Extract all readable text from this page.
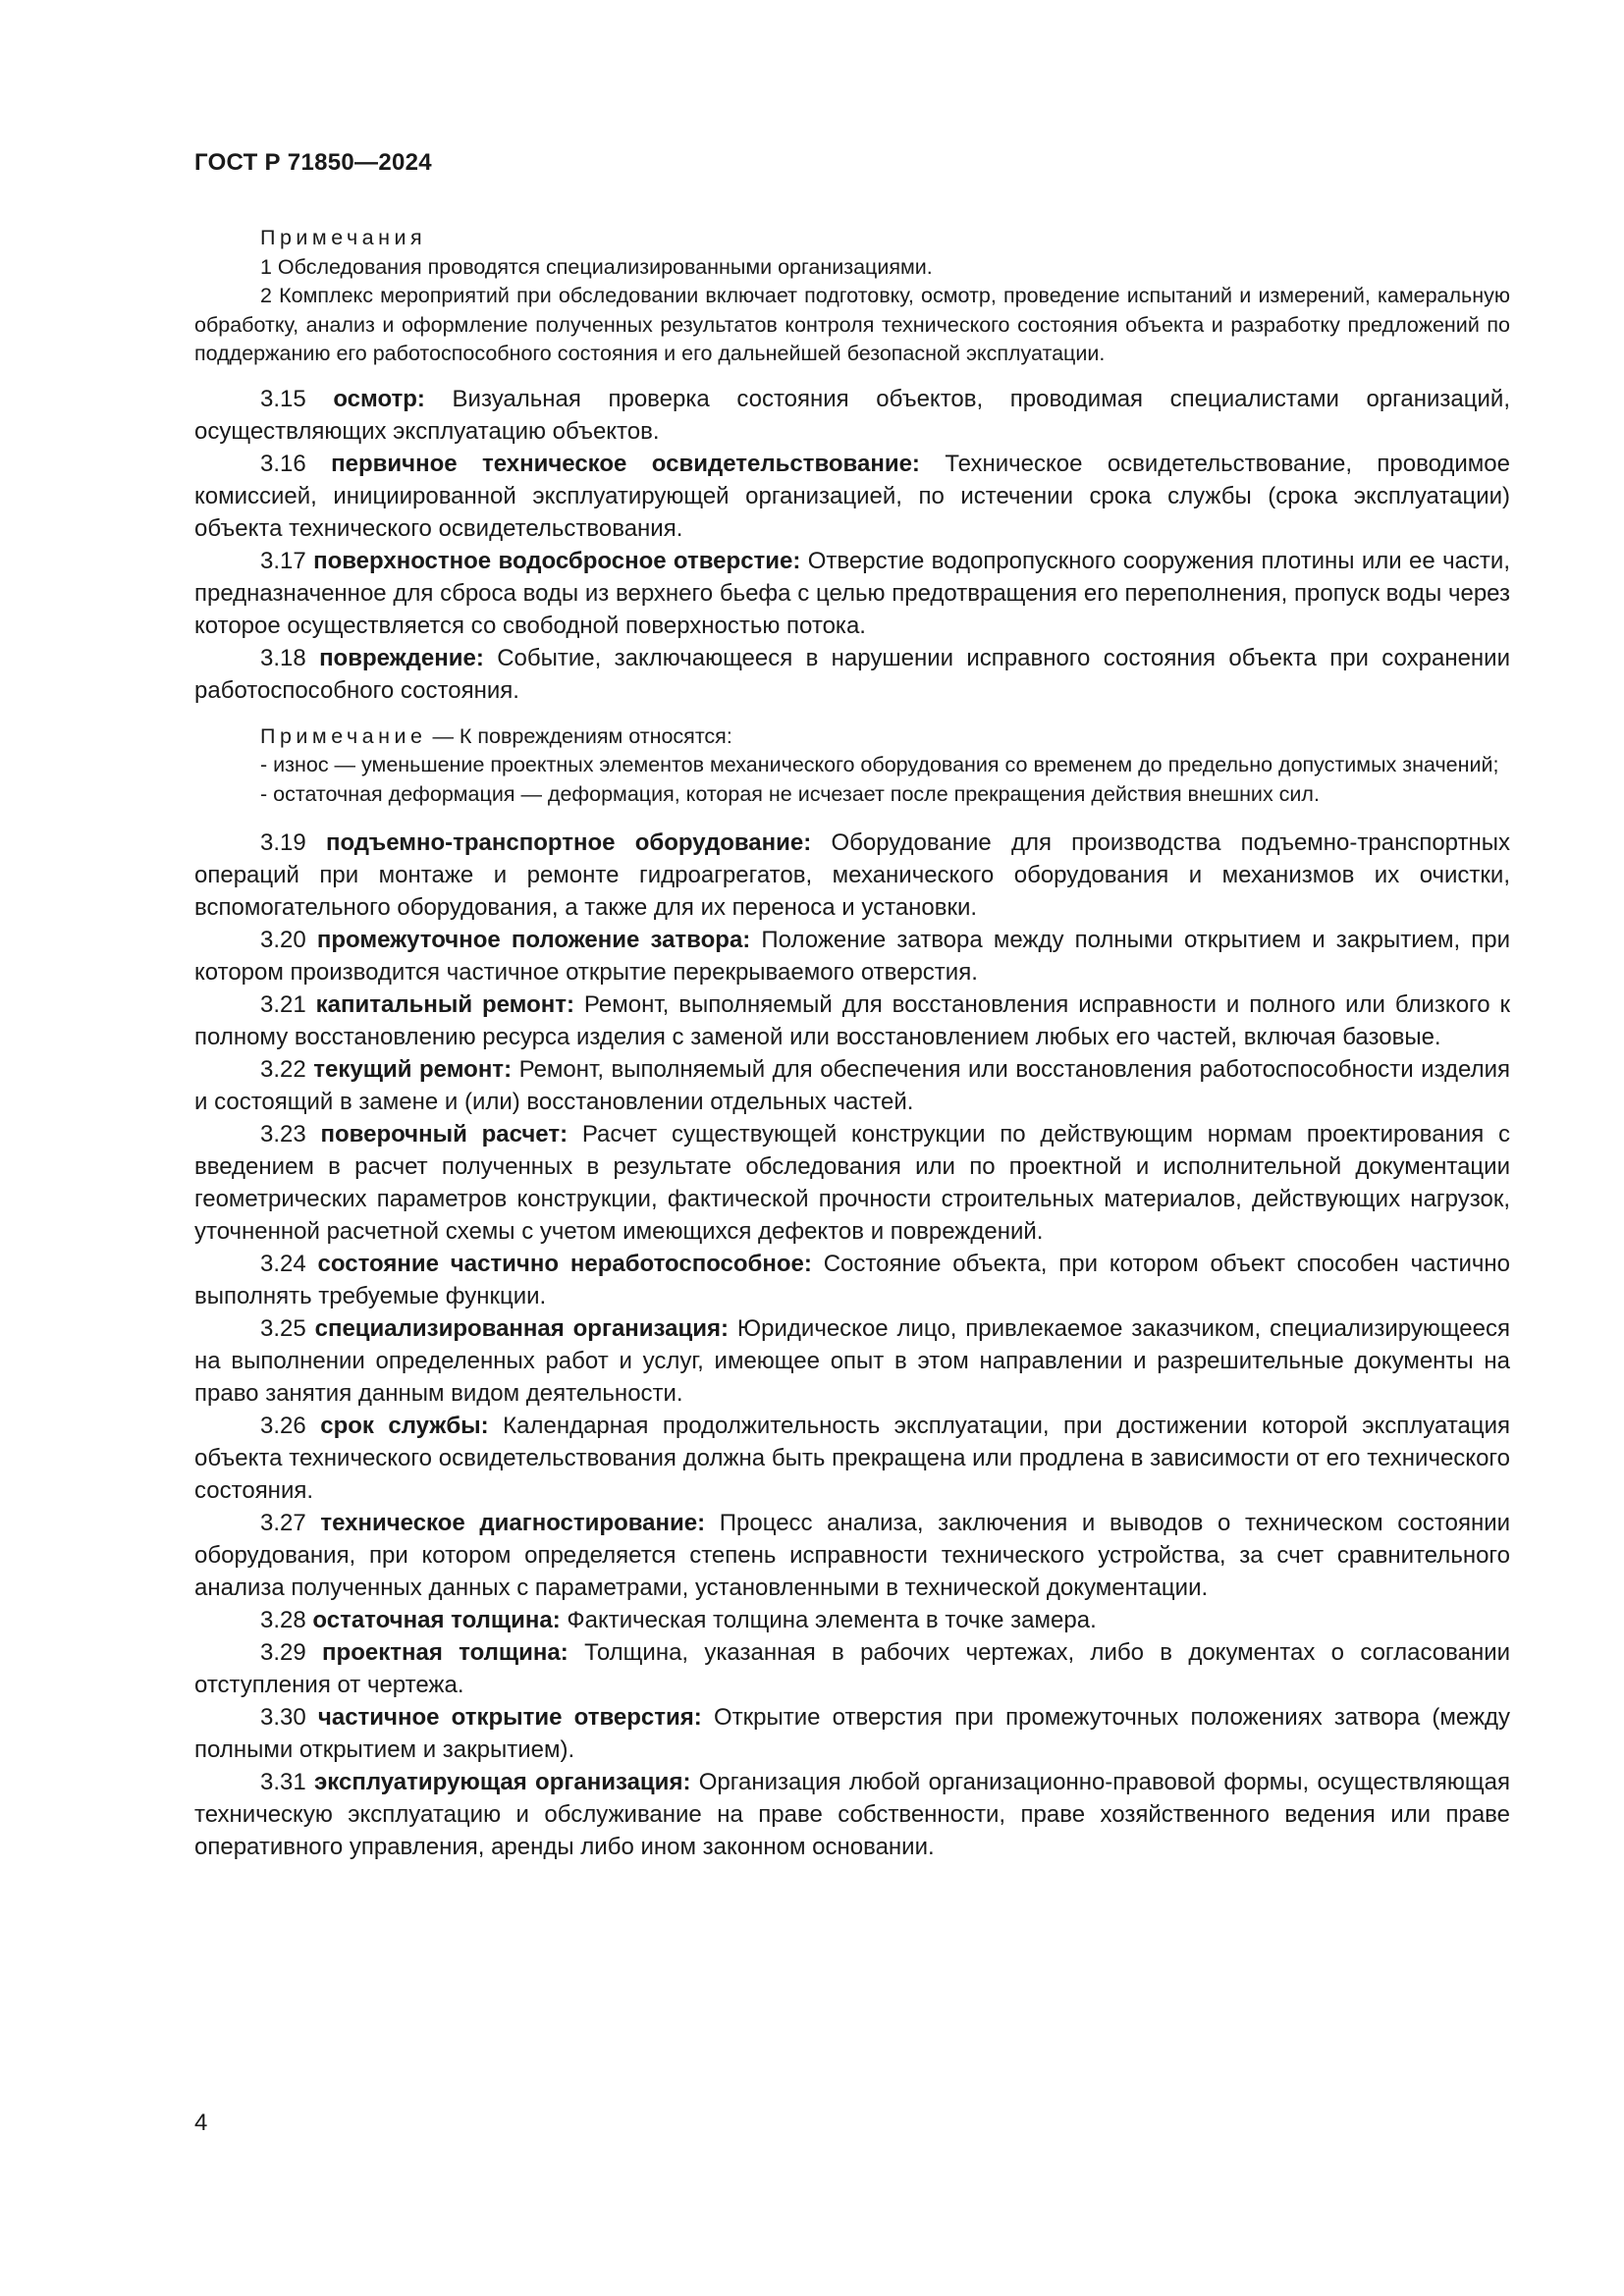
ГОСТ Р 71850—2024

Примечания

1 Обследования проводятся специализированными организациями.

2 Комплекс мероприятий при обследовании включает подготовку, осмотр, проведение испытаний и измерений, камеральную обработку, анализ и оформление полученных результатов контроля технического состояния объекта и разработку предложений по поддержанию его работоспособного состояния и его дальнейшей безопасной эксплуатации.

3.15 осмотр: Визуальная проверка состояния объектов, проводимая специалистами организаций, осуществляющих эксплуатацию объектов.

3.16 первичное техническое освидетельствование: Техническое освидетельствование, проводимое комиссией, инициированной эксплуатирующей организацией, по истечении срока службы (срока эксплуатации) объекта технического освидетельствования.

3.17 поверхностное водосбросное отверстие: Отверстие водопропускного сооружения плотины или ее части, предназначенное для сброса воды из верхнего бьефа с целью предотвращения его переполнения, пропуск воды через которое осуществляется со свободной поверхностью потока.

3.18 повреждение: Событие, заключающееся в нарушении исправного состояния объекта при сохранении работоспособного состояния.

Примечание — К повреждениям относятся:

- износ — уменьшение проектных элементов механического оборудования со временем до предельно допустимых значений;

- остаточная деформация — деформация, которая не исчезает после прекращения действия внешних сил.

3.19 подъемно-транспортное оборудование: Оборудование для производства подъемно-транспортных операций при монтаже и ремонте гидроагрегатов, механического оборудования и механизмов их очистки, вспомогательного оборудования, а также для их переноса и установки.

3.20 промежуточное положение затвора: Положение затвора между полными открытием и закрытием, при котором производится частичное открытие перекрываемого отверстия.

3.21 капитальный ремонт: Ремонт, выполняемый для восстановления исправности и полного или близкого к полному восстановлению ресурса изделия с заменой или восстановлением любых его частей, включая базовые.

3.22 текущий ремонт: Ремонт, выполняемый для обеспечения или восстановления работоспособности изделия и состоящий в замене и (или) восстановлении отдельных частей.

3.23 поверочный расчет: Расчет существующей конструкции по действующим нормам проектирования с введением в расчет полученных в результате обследования или по проектной и исполнительной документации геометрических параметров конструкции, фактической прочности строительных материалов, действующих нагрузок, уточненной расчетной схемы с учетом имеющихся дефектов и повреждений.

3.24 состояние частично неработоспособное: Состояние объекта, при котором объект способен частично выполнять требуемые функции.

3.25 специализированная организация: Юридическое лицо, привлекаемое заказчиком, специализирующееся на выполнении определенных работ и услуг, имеющее опыт в этом направлении и разрешительные документы на право занятия данным видом деятельности.

3.26 срок службы: Календарная продолжительность эксплуатации, при достижении которой эксплуатация объекта технического освидетельствования должна быть прекращена или продлена в зависимости от его технического состояния.

3.27 техническое диагностирование: Процесс анализа, заключения и выводов о техническом состоянии оборудования, при котором определяется степень исправности технического устройства, за счет сравнительного анализа полученных данных с параметрами, установленными в технической документации.

3.28 остаточная толщина: Фактическая толщина элемента в точке замера.

3.29 проектная толщина: Толщина, указанная в рабочих чертежах, либо в документах о согласовании отступления от чертежа.

3.30 частичное открытие отверстия: Открытие отверстия при промежуточных положениях затвора (между полными открытием и закрытием).

3.31 эксплуатирующая организация: Организация любой организационно-правовой формы, осуществляющая техническую эксплуатацию и обслуживание на праве собственности, праве хозяйственного ведения или праве оперативного управления, аренды либо ином законном основании.

4
